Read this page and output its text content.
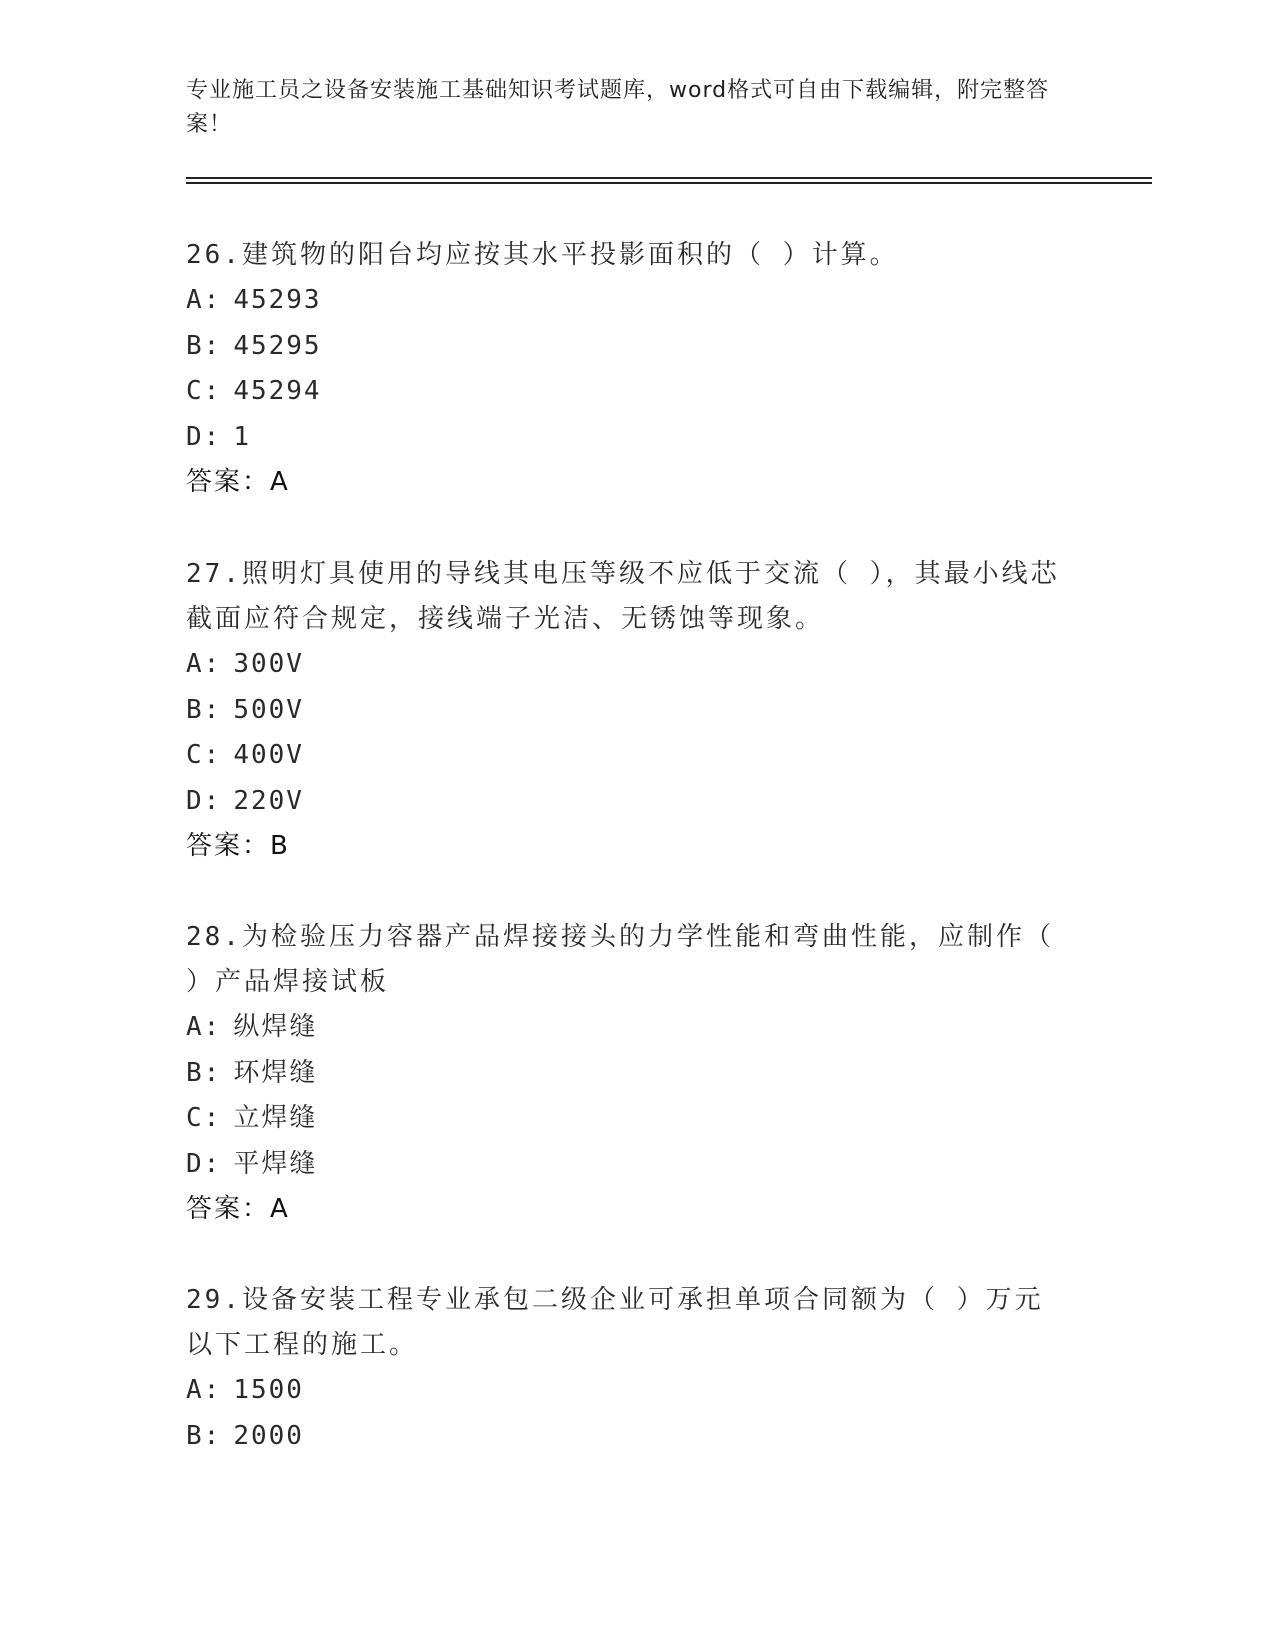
专业施工员之设备安装施工基础知识考试题库，word格式可自由下载编辑，附完整答案！

26.建筑物的阳台均应按其水平投影面积的（ ）计算。

A: 45293
B: 45295
C: 45294
D: 1
答案：A

27.照明灯具使用的导线其电压等级不应低于交流（ ），其最小线芯截面应符合规定，接线端子光洁、无锈蚀等现象。

A: 300V
B: 500V
C: 400V
D: 220V
答案：B

28.为检验压力容器产品焊接接头的力学性能和弯曲性能，应制作（ ）产品焊接试板

A: 纵焊缝
B: 环焊缝
C: 立焊缝
D: 平焊缝
答案：A

29.设备安装工程专业承包二级企业可承担单项合同额为（ ）万元以下工程的施工。

A: 1500
B: 2000
